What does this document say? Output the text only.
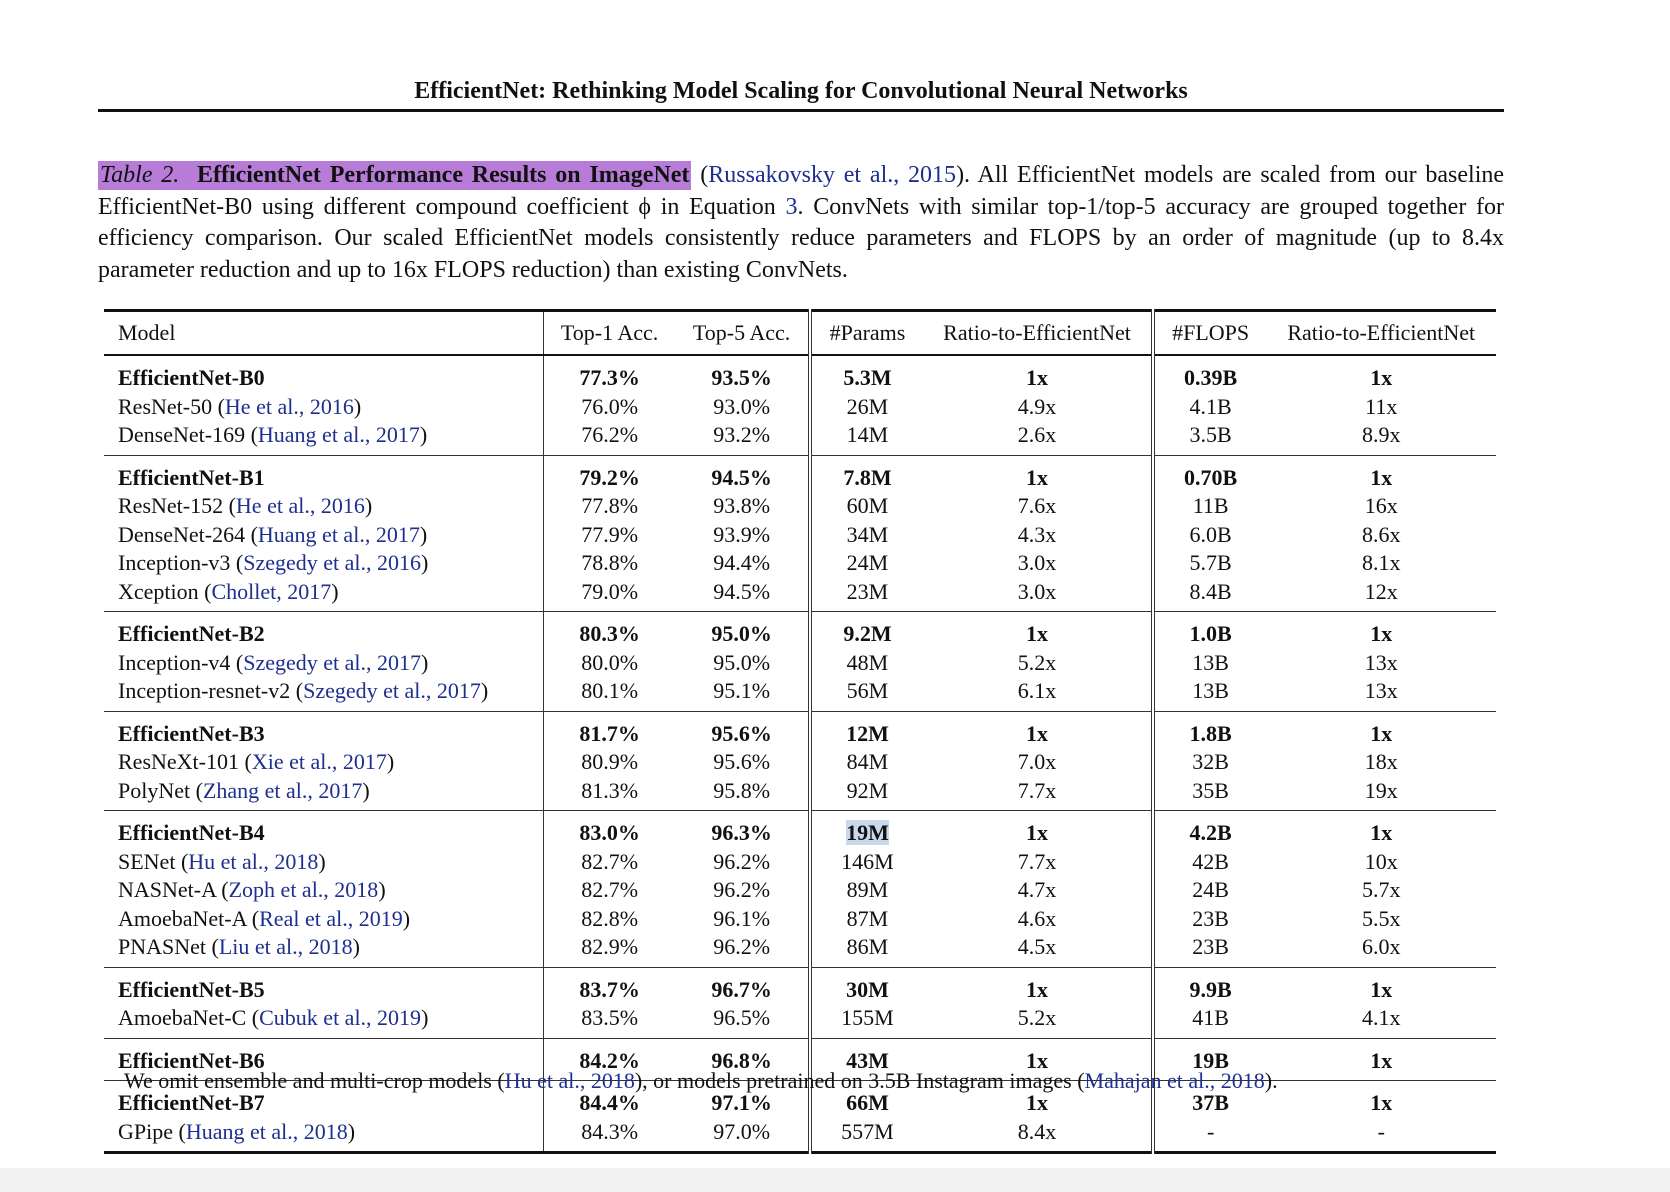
EfficientNet: Rethinking Model Scaling for Convolutional Neural Networks
Table 2. EfficientNet Performance Results on ImageNet (Russakovsky et al., 2015). All EfficientNet models are scaled from our baseline EfficientNet-B0 using different compound coefficient ϕ in Equation 3. ConvNets with similar top-1/top-5 accuracy are grouped together for efficiency comparison. Our scaled EfficientNet models consistently reduce parameters and FLOPS by an order of magnitude (up to 8.4x parameter reduction and up to 16x FLOPS reduction) than existing ConvNets.
Model	Top-1 Acc.	Top-5 Acc.	#Params	Ratio-to-EfficientNet	#FLOPS	Ratio-to-EfficientNet
EfficientNet-B0	77.3%	93.5%	5.3M	1x	0.39B	1x
ResNet-50 (He et al., 2016)	76.0%	93.0%	26M	4.9x	4.1B	11x
DenseNet-169 (Huang et al., 2017)	76.2%	93.2%	14M	2.6x	3.5B	8.9x
EfficientNet-B1	79.2%	94.5%	7.8M	1x	0.70B	1x
ResNet-152 (He et al., 2016)	77.8%	93.8%	60M	7.6x	11B	16x
DenseNet-264 (Huang et al., 2017)	77.9%	93.9%	34M	4.3x	6.0B	8.6x
Inception-v3 (Szegedy et al., 2016)	78.8%	94.4%	24M	3.0x	5.7B	8.1x
Xception (Chollet, 2017)	79.0%	94.5%	23M	3.0x	8.4B	12x
EfficientNet-B2	80.3%	95.0%	9.2M	1x	1.0B	1x
Inception-v4 (Szegedy et al., 2017)	80.0%	95.0%	48M	5.2x	13B	13x
Inception-resnet-v2 (Szegedy et al., 2017)	80.1%	95.1%	56M	6.1x	13B	13x
EfficientNet-B3	81.7%	95.6%	12M	1x	1.8B	1x
ResNeXt-101 (Xie et al., 2017)	80.9%	95.6%	84M	7.0x	32B	18x
PolyNet (Zhang et al., 2017)	81.3%	95.8%	92M	7.7x	35B	19x
EfficientNet-B4	83.0%	96.3%	19M	1x	4.2B	1x
SENet (Hu et al., 2018)	82.7%	96.2%	146M	7.7x	42B	10x
NASNet-A (Zoph et al., 2018)	82.7%	96.2%	89M	4.7x	24B	5.7x
AmoebaNet-A (Real et al., 2019)	82.8%	96.1%	87M	4.6x	23B	5.5x
PNASNet (Liu et al., 2018)	82.9%	96.2%	86M	4.5x	23B	6.0x
EfficientNet-B5	83.7%	96.7%	30M	1x	9.9B	1x
AmoebaNet-C (Cubuk et al., 2019)	83.5%	96.5%	155M	5.2x	41B	4.1x
EfficientNet-B6	84.2%	96.8%	43M	1x	19B	1x
EfficientNet-B7	84.4%	97.1%	66M	1x	37B	1x
GPipe (Huang et al., 2018)	84.3%	97.0%	557M	8.4x	-	-
We omit ensemble and multi-crop models (Hu et al., 2018), or models pretrained on 3.5B Instagram images (Mahajan et al., 2018).
